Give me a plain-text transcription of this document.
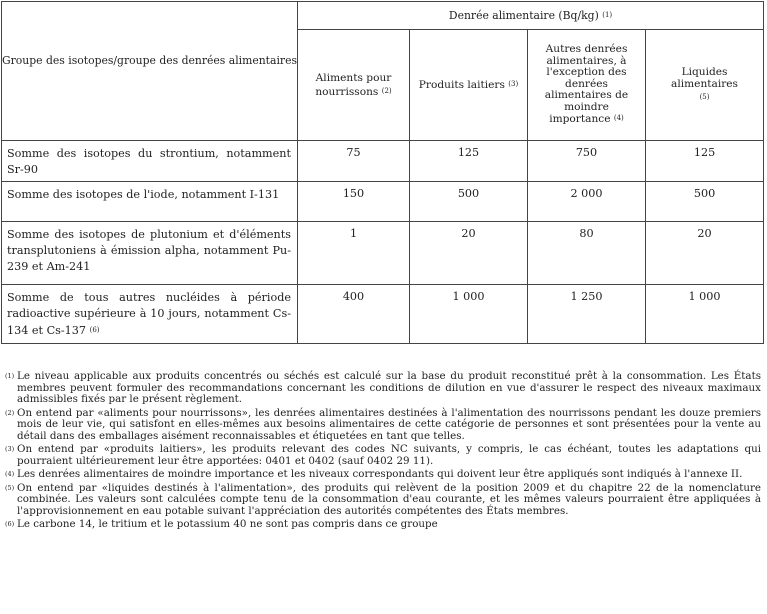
Groupe des isotopes/groupe des denrées alimentaires	Denrée alimentaire (Bq/kg) $^{(1)}$
	Aliments pour nourrissons $^{(2)}$	Produits laitiers $^{(3)}$	Autres denrées alimentaires, à l'exception des denrées alimentaires de moindre importance $^{(4)}$	Liquides alimentaires $^{(5)}$
Somme des isotopes du strontium, notamment Sr-90	75	125	750	125
Somme des isotopes de l'iode, notamment I-131	150	500	2 000	500
Somme des isotopes de plutonium et d'éléments transplutoniens à émission alpha, notamment Pu-239 et Am-241	1	20	80	20
Somme de tous autres nucléides à période radioactive supérieure à 10 jours, notamment Cs-134 et Cs-137 $^{(6)}$	400	1 000	1 250	1 000
$^{(1)}$ Le niveau applicable aux produits concentrés ou séchés est calculé sur la base du produit reconstitué prêt à la consommation. Les États membres peuvent formuler des recommandations concernant les conditions de dilution en vue d'assurer le respect des niveaux maximaux admissibles fixés par le présent règlement.
$^{(2)}$ On entend par «aliments pour nourrissons», les denrées alimentaires destinées à l'alimentation des nourrissons pendant les douze premiers mois de leur vie, qui satisfont en elles-mêmes aux besoins alimentaires de cette catégorie de personnes et sont présentées pour la vente au détail dans des emballages aisément reconnaissables et étiquetées en tant que telles.
$^{(3)}$ On entend par «produits laitiers», les produits relevant des codes NC suivants, y compris, le cas échéant, toutes les adaptations qui pourraient ultérieurement leur être apportées: 0401 et 0402 (sauf 0402 29 11).
$^{(4)}$ Les denrées alimentaires de moindre importance et les niveaux correspondants qui doivent leur être appliqués sont indiqués à l'annexe II.
$^{(5)}$ On entend par «liquides destinés à l'alimentation», des produits qui relèvent de la position 2009 et du chapitre 22 de la nomenclature combinée. Les valeurs sont calculées compte tenu de la consommation d'eau courante, et les mêmes valeurs pourraient être appliquées à l'approvisionnement en eau potable suivant l'appréciation des autorités compétentes des États membres.
$^{(6)}$ Le carbone 14, le tritium et le potassium 40 ne sont pas compris dans ce groupe
